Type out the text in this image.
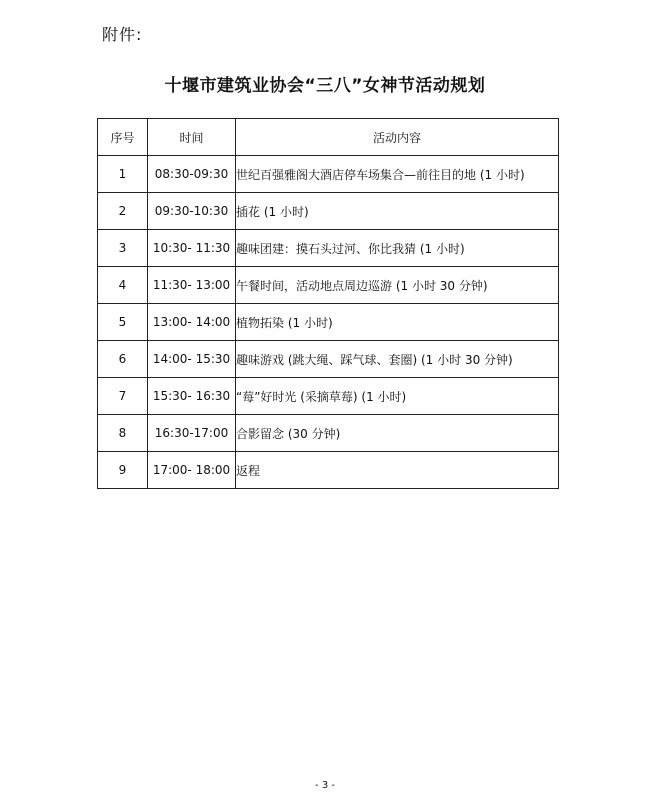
附件:
十堰市建筑业协会“三八”女神节活动规划
序号	时间	活动内容
1	08:30-09:30	世纪百强雅阁大酒店停车场集合—前往目的地 (1 小时)
2	09:30-10:30	插花 (1 小时)
3	10:30- 11:30	趣味团建：摸石头过河、你比我猜 (1 小时)
4	11:30- 13:00	午餐时间，活动地点周边巡游 (1 小时 30 分钟)
5	13:00- 14:00	植物拓染 (1 小时)
6	14:00- 15:30	趣味游戏 (跳大绳、踩气球、套圈) (1 小时 30 分钟)
7	15:30- 16:30	“莓”好时光 (采摘草莓) (1 小时)
8	16:30-17:00	合影留念 (30 分钟)
9	17:00- 18:00	返程
- 3 -
